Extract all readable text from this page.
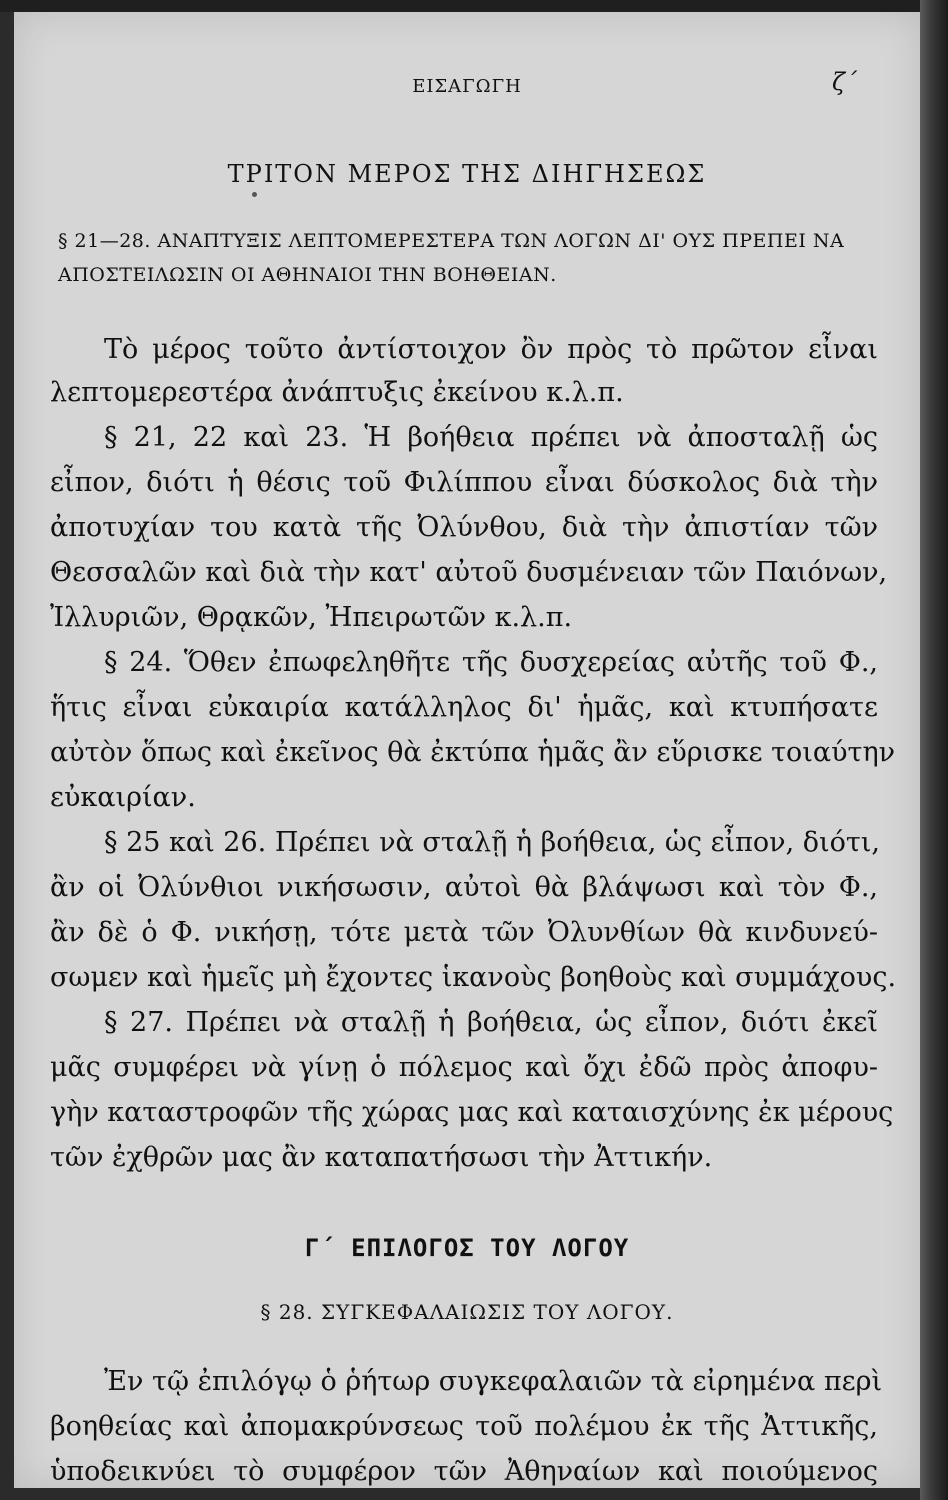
ΕΙΣΑΓΩΓΗ	ζ΄
ΤΡΙΤΟΝ ΜΕΡΟΣ ΤΗΣ ΔΙΗΓΗΣΕΩΣ
§ 21—28. ΑΝΑΠΤΥΞΙΣ ΛΕΠΤΟΜΕΡΕΣΤΕΡΑ ΤΩΝ ΛΟΓΩΝ ΔΙ' ΟΥΣ ΠΡΕΠΕΙ ΝΑ ΑΠΟΣΤΕΙΛΩΣΙΝ ΟΙ ΑΘΗΝΑΙΟΙ ΤΗΝ ΒΟΗΘΕΙΑΝ.
Τὸ μέρος τοῦτο ἀντίστοιχον ὂν πρὸς τὸ πρῶτον εἶναι
λεπτομερεστέρα ἀνάπτυξις ἐκείνου κ.λ.π.
§ 21, 22 καὶ 23. Ἡ βοήθεια πρέπει νὰ ἀποσταλῇ ὡς
εἶπον, διότι ἡ θέσις τοῦ Φιλίππου εἶναι δύσκολος διὰ τὴν
ἀποτυχίαν του κατὰ τῆς Ὀλύνθου, διὰ τὴν ἀπιστίαν τῶν
Θεσσαλῶν καὶ διὰ τὴν κατ' αὐτοῦ δυσμένειαν τῶν Παιόνων,
Ἰλλυριῶν, Θρᾳκῶν, Ἠπειρωτῶν κ.λ.π.
§ 24. Ὅθεν ἐπωφεληθῆτε τῆς δυσχερείας αὐτῆς τοῦ Φ.,
ἥτις εἶναι εὐκαιρία κατάλληλος δι' ἡμᾶς, καὶ κτυπήσατε
αὐτὸν ὅπως καὶ ἐκεῖνος θὰ ἐκτύπα ἡμᾶς ἂν εὕρισκε τοιαύτην
εὐκαιρίαν.
§ 25 καὶ 26. Πρέπει νὰ σταλῇ ἡ βοήθεια, ὡς εἶπον, διότι,
ἂν οἱ Ὀλύνθιοι νικήσωσιν, αὐτοὶ θὰ βλάψωσι καὶ τὸν Φ.,
ἂν δὲ ὁ Φ. νικήσῃ, τότε μετὰ τῶν Ὀλυνθίων θὰ κινδυνεύ-
σωμεν καὶ ἡμεῖς μὴ ἔχοντες ἱκανοὺς βοηθοὺς καὶ συμμάχους.
§ 27. Πρέπει νὰ σταλῇ ἡ βοήθεια, ὡς εἶπον, διότι ἐκεῖ
μᾶς συμφέρει νὰ γίνῃ ὁ πόλεμος καὶ ὄχι ἐδῶ πρὸς ἀποφυ-
γὴν καταστροφῶν τῆς χώρας μας καὶ καταισχύνης ἐκ μέρους
τῶν ἐχθρῶν μας ἂν καταπατήσωσι τὴν Ἀττικήν.
Γ΄ ΕΠΙΛΟΓΟΣ ΤΟΥ ΛΟΓΟΥ
§ 28. ΣΥΓΚΕΦΑΛΑΙΩΣΙΣ ΤΟΥ ΛΟΓΟΥ.
Ἐν τῷ ἐπιλόγῳ ὁ ῥήτωρ συγκεφαλαιῶν τὰ εἰρημένα περὶ
βοηθείας καὶ ἀπομακρύνσεως τοῦ πολέμου ἐκ τῆς Ἀττικῆς,
ὑποδεικνύει τὸ συμφέρον τῶν Ἀθηναίων καὶ ποιούμενος
